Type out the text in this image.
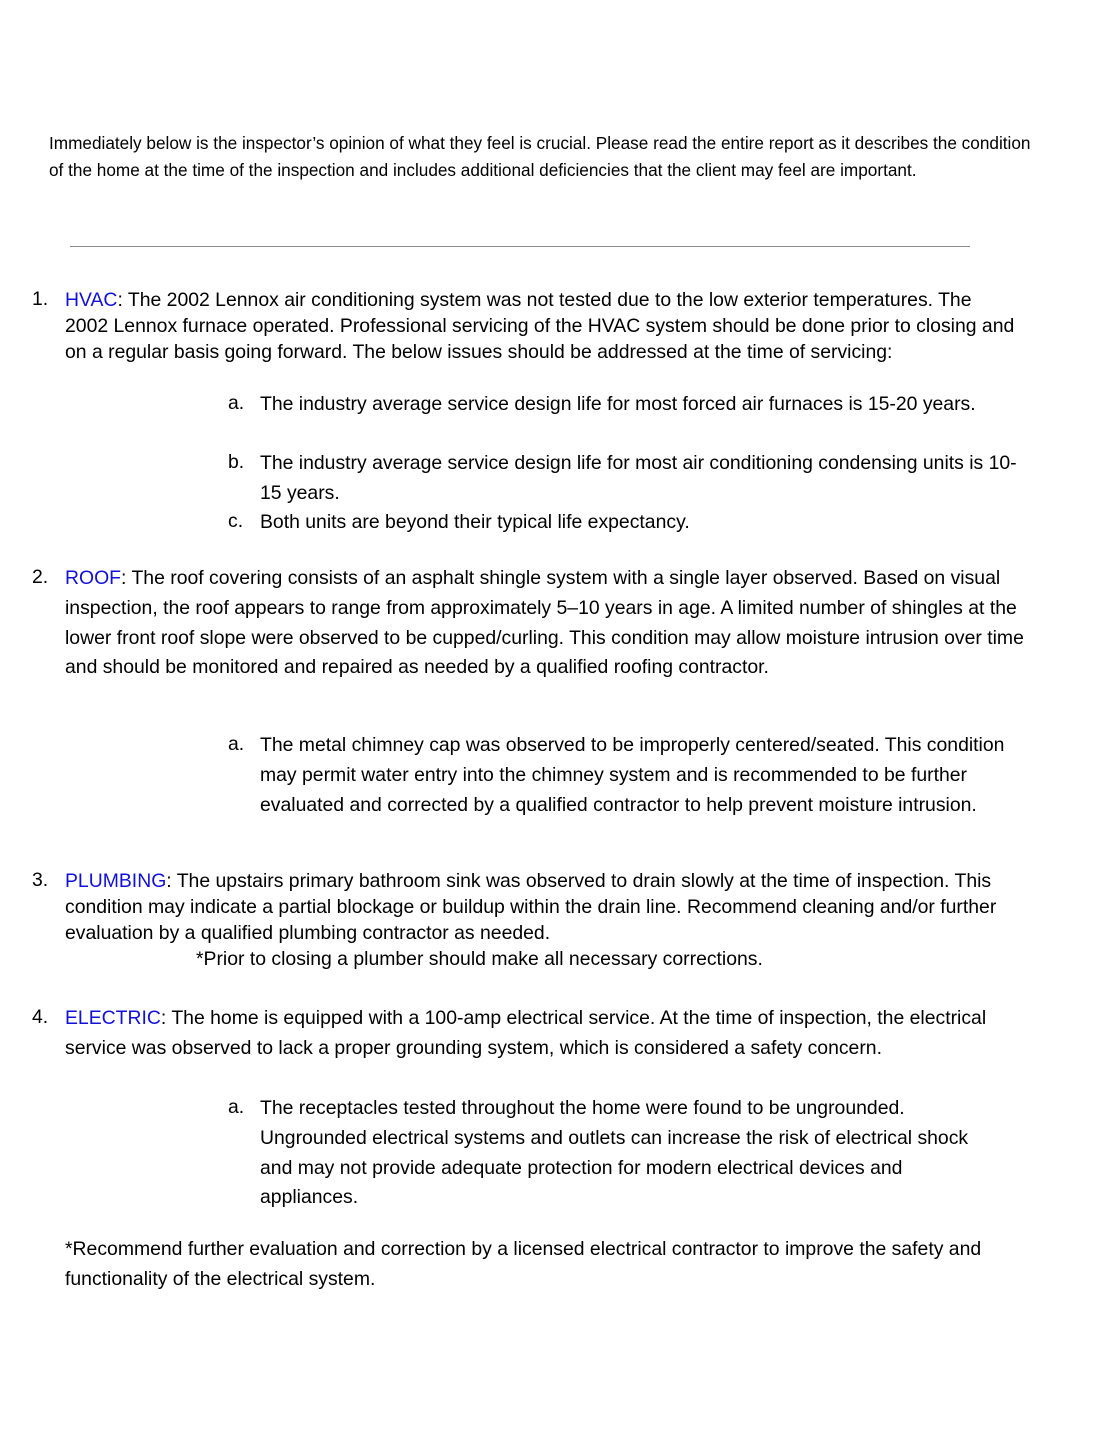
Immediately below is the inspector’s opinion of what they feel is crucial. Please read the entire report as it describes the condition of the home at the time of the inspection and includes additional deficiencies that the client may feel are important.

1. HVAC: The 2002 Lennox air conditioning system was not tested due to the low exterior temperatures. The 2002 Lennox furnace operated. Professional servicing of the HVAC system should be done prior to closing and on a regular basis going forward. The below issues should be addressed at the time of servicing:

a. The industry average service design life for most forced air furnaces is 15-20 years.

b. The industry average service design life for most air conditioning condensing units is 10-15 years.

c. Both units are beyond their typical life expectancy.

2. ROOF: The roof covering consists of an asphalt shingle system with a single layer observed. Based on visual inspection, the roof appears to range from approximately 5–10 years in age. A limited number of shingles at the lower front roof slope were observed to be cupped/curling. This condition may allow moisture intrusion over time and should be monitored and repaired as needed by a qualified roofing contractor.

a. The metal chimney cap was observed to be improperly centered/seated. This condition may permit water entry into the chimney system and is recommended to be further evaluated and corrected by a qualified contractor to help prevent moisture intrusion.

3. PLUMBING: The upstairs primary bathroom sink was observed to drain slowly at the time of inspection. This condition may indicate a partial blockage or buildup within the drain line. Recommend cleaning and/or further evaluation by a qualified plumbing contractor as needed.

*Prior to closing a plumber should make all necessary corrections.

4. ELECTRIC: The home is equipped with a 100-amp electrical service. At the time of inspection, the electrical service was observed to lack a proper grounding system, which is considered a safety concern.

a. The receptacles tested throughout the home were found to be ungrounded. Ungrounded electrical systems and outlets can increase the risk of electrical shock and may not provide adequate protection for modern electrical devices and appliances.

*Recommend further evaluation and correction by a licensed electrical contractor to improve the safety and functionality of the electrical system.
